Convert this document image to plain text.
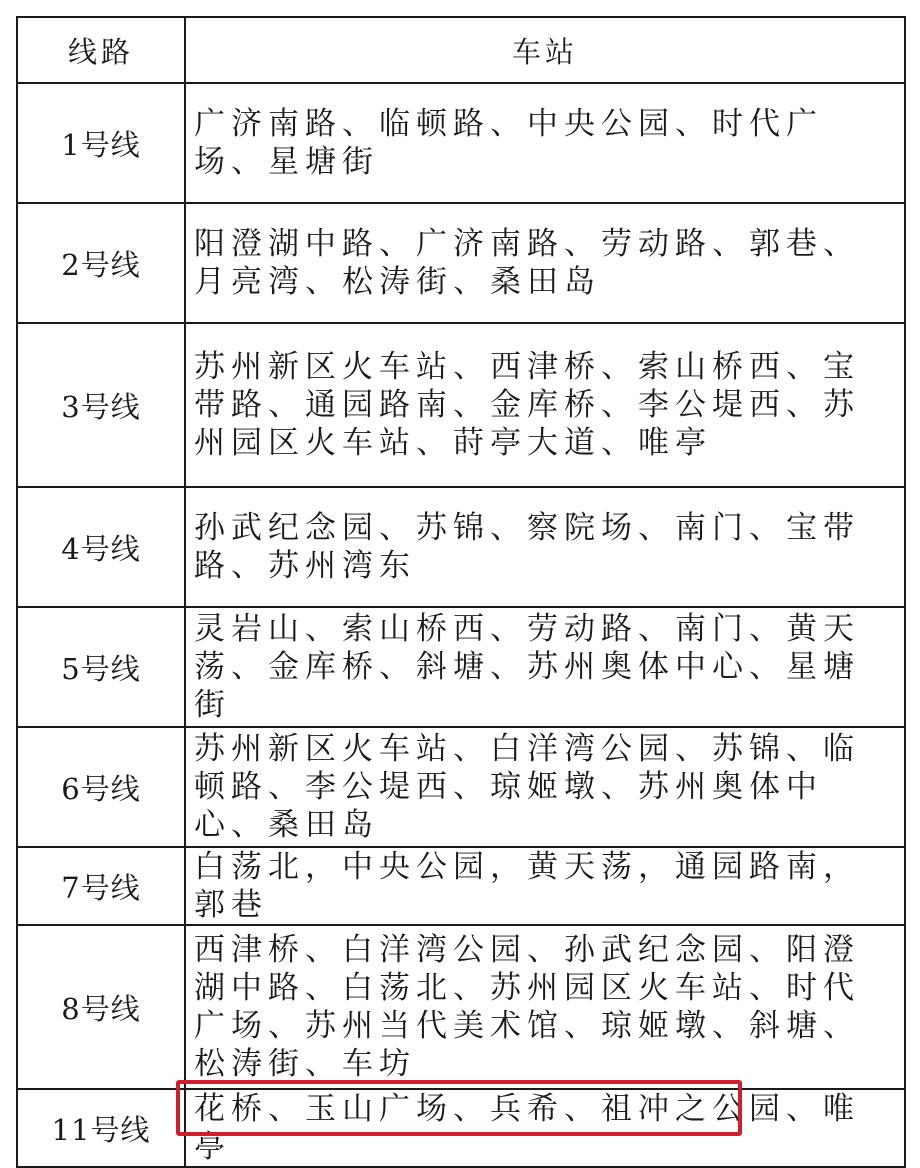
线路	车站
1号线	广济南路、临顿路、中央公园、时代广场、星塘街

2号线	阳澄湖中路、广济南路、劳动路、郭巷、月亮湾、松涛街、桑田岛

3号线	苏州新区火车站、西津桥、索山桥西、宝带路、通园路南、金库桥、李公堤西、苏州园区火车站、莳亭大道、唯亭

4号线	孙武纪念园、苏锦、察院场、南门、宝带路、苏州湾东

5号线	灵岩山、索山桥西、劳动路、南门、黄天荡、金库桥、斜塘、苏州奥体中心、星塘街

6号线	苏州新区火车站、白洋湾公园、苏锦、临顿路、李公堤西、琼姬墩、苏州奥体中心、桑田岛

7号线	白荡北，中央公园，黄天荡，通园路南，郭巷

8号线	西津桥、白洋湾公园、孙武纪念园、阳澄湖中路、白荡北、苏州园区火车站、时代广场、苏州当代美术馆、琼姬墩、斜塘、松涛街、车坊

11号线	花桥、玉山广场、兵希、祖冲之公园、唯亭
